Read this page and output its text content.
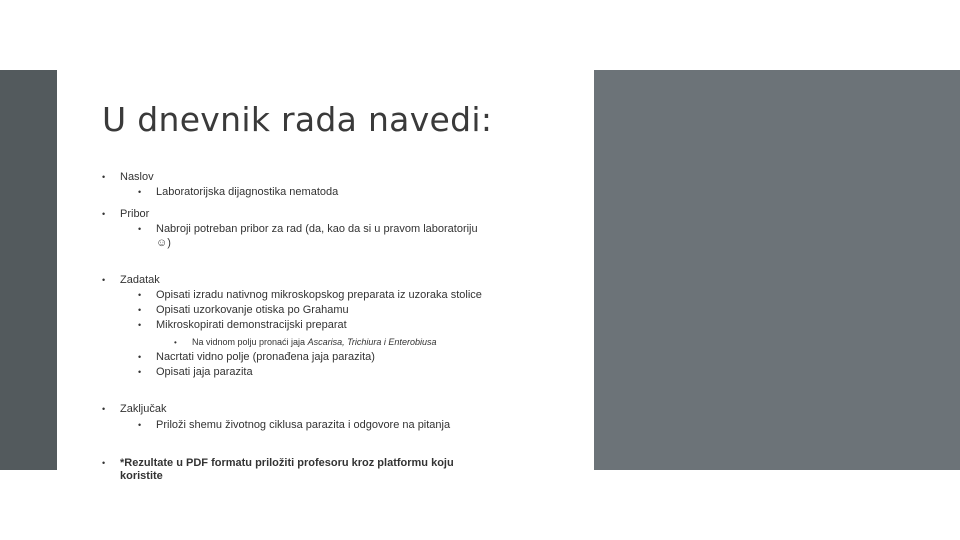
U dnevnik rada navedi:
• Naslov
• Laboratorijska dijagnostika nematoda
• Pribor
• Nabroji potreban pribor za rad (da, kao da si u pravom laboratoriju
☺)
• Zadatak
• Opisati izradu nativnog mikroskopskog preparata iz uzoraka stolice
• Opisati uzorkovanje otiska po Grahamu
• Mikroskopirati demonstracijski preparat
• Na vidnom polju pronaći jaja Ascarisa, Trichiura i Enterobiusa
• Nacrtati vidno polje (pronađena jaja parazita)
• Opisati jaja parazita
• Zaključak
• Priloži shemu životnog ciklusa parazita i odgovore na pitanja
• *Rezultate u PDF formatu priložiti profesoru kroz platformu koju
koristite
